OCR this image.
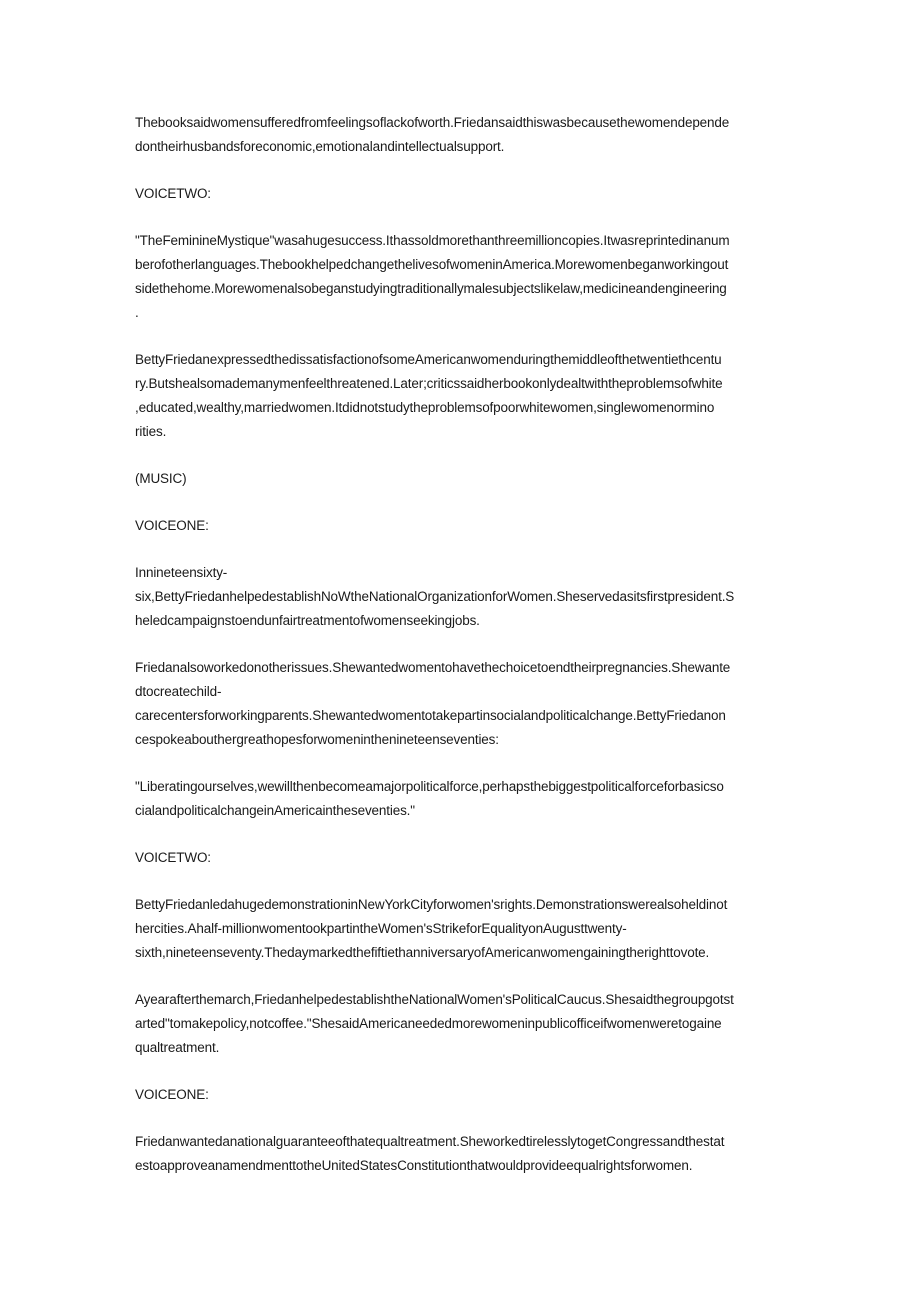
Thebooksaidwomensufferedfromfeelingsoflackofworth.Friedansaidthiswasbecausethewomendepende
dontheirhusbandsforeconomic,emotionalandintellectualsupport.

VOICETWO:

"TheFeminineMystique"wasahugesuccess.Ithassoldmorethanthreemillioncopies.Itwasreprintedinanum
berofotherlanguages.ThebookhelpedchangethelivesofwomeninAmerica.Morewomenbeganworkingout
sidethehome.Morewomenalsobeganstudyingtraditionallymalesubjectslikelaw,medicineandengineering
.

BettyFriedanexpressedthedissatisfactionofsomeAmericanwomenduringthemiddleofthetwentiethcentu
ry.Butshealsomademanymenfeelthreatened.Later;criticssaidherbookonlydealtwiththeproblemsofwhite
,educated,wealthy,marriedwomen.Itdidnotstudytheproblemsofpoorwhitewomen,singlewomenormino
rities.

(MUSIC)

VOICEONE:

Innineteensixty-
six,BettyFriedanhelpedestablishNoWtheNationalOrganizationforWomen.Sheservedasitsfirstpresident.S
heledcampaignstoendunfairtreatmentofwomenseekingjobs.

Friedanalsoworkedonotherissues.Shewantedwomentohavethechoicetoendtheirpregnancies.Shewante
dtocreatechild-
carecentersforworkingparents.Shewantedwomentotakepartinsocialandpoliticalchange.BettyFriedanon
cespokeabouthergreathopesforwomeninthenineteenseventies:

"Liberatingourselves,wewillthenbecomeamajorpoliticalforce,perhapsthebiggestpoliticalforceforbasicso
cialandpoliticalchangeinAmericaintheseventies."

VOICETWO:

BettyFriedanledahugedemonstrationinNewYorkCityforwomen'srights.Demonstrationswerealsoheldinot
hercities.Ahalf-millionwomentookpartintheWomen'sStrikeforEqualityonAugusttwenty-
sixth,nineteenseventy.ThedaymarkedthefiftiethanniversaryofAmericanwomengainingtherighttovote.

Ayearafterthemarch,FriedanhelpedestablishtheNationalWomen'sPoliticalCaucus.Shesaidthegroupgotst
arted"tomakepolicy,notcoffee."ShesaidAmericaneededmorewomeninpublicofficeifwomenweretogaine
qualtreatment.

VOICEONE:

Friedanwantedanationalguaranteeofthatequaltreatment.SheworkedtirelesslytogetCongressandthestat
estoapproveanamendmenttotheUnitedStatesConstitutionthatwouldprovideequalrightsforwomen.
